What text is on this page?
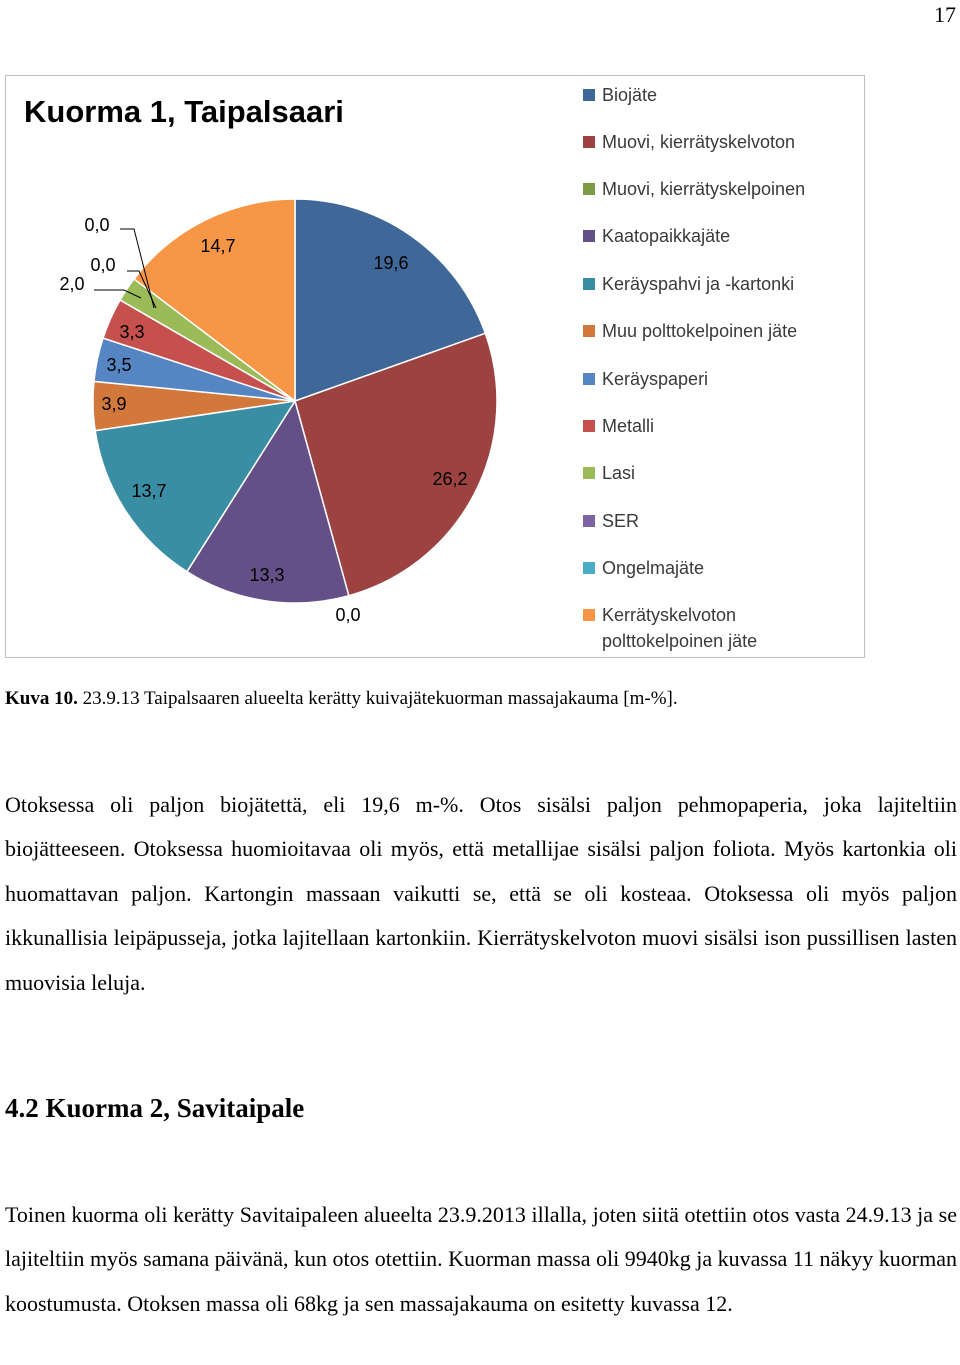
17
19,6
26,2
0,0
13,3
13,7
3,9
3,5
3,3
2,0
0,0
0,0
14,7
Kuorma 1, Taipalsaari	Biojäte
Muovi, kierrätyskelvoton
Muovi, kierrätyskelpoinen
Kaatopaikkajäte
Keräyspahvi ja -kartonki
Muu polttokelpoinen jäte
Keräyspaperi
Metalli
Lasi
SER
Ongelmajäte
Kerrätyskelvoton polttokelpoinen jäte
Kuva 10. 23.9.13 Taipalsaaren alueelta kerätty kuivajätekuorman massajakauma [m-%].
Otoksessa oli paljon biojätettä, eli 19,6 m-%. Otos sisälsi paljon pehmopaperia, joka lajiteltiin biojätteeseen. Otoksessa huomioitavaa oli myös, että metallijae sisälsi paljon foliota. Myös kartonkia oli huomattavan paljon. Kartongin massaan vaikutti se, että se oli kosteaa. Otoksessa oli myös paljon ikkunallisia leipäpusseja, jotka lajitellaan kartonkiin. Kierrätyskelvoton muovi sisälsi ison pussillisen lasten muovisia leluja.
4.2 Kuorma 2, Savitaipale
Toinen kuorma oli kerätty Savitaipaleen alueelta 23.9.2013 illalla, joten siitä otettiin otos vasta 24.9.13 ja se lajiteltiin myös samana päivänä, kun otos otettiin. Kuorman massa oli 9940kg ja kuvassa 11 näkyy kuorman koostumusta. Otoksen massa oli 68kg ja sen massajakauma on esitetty kuvassa 12.
